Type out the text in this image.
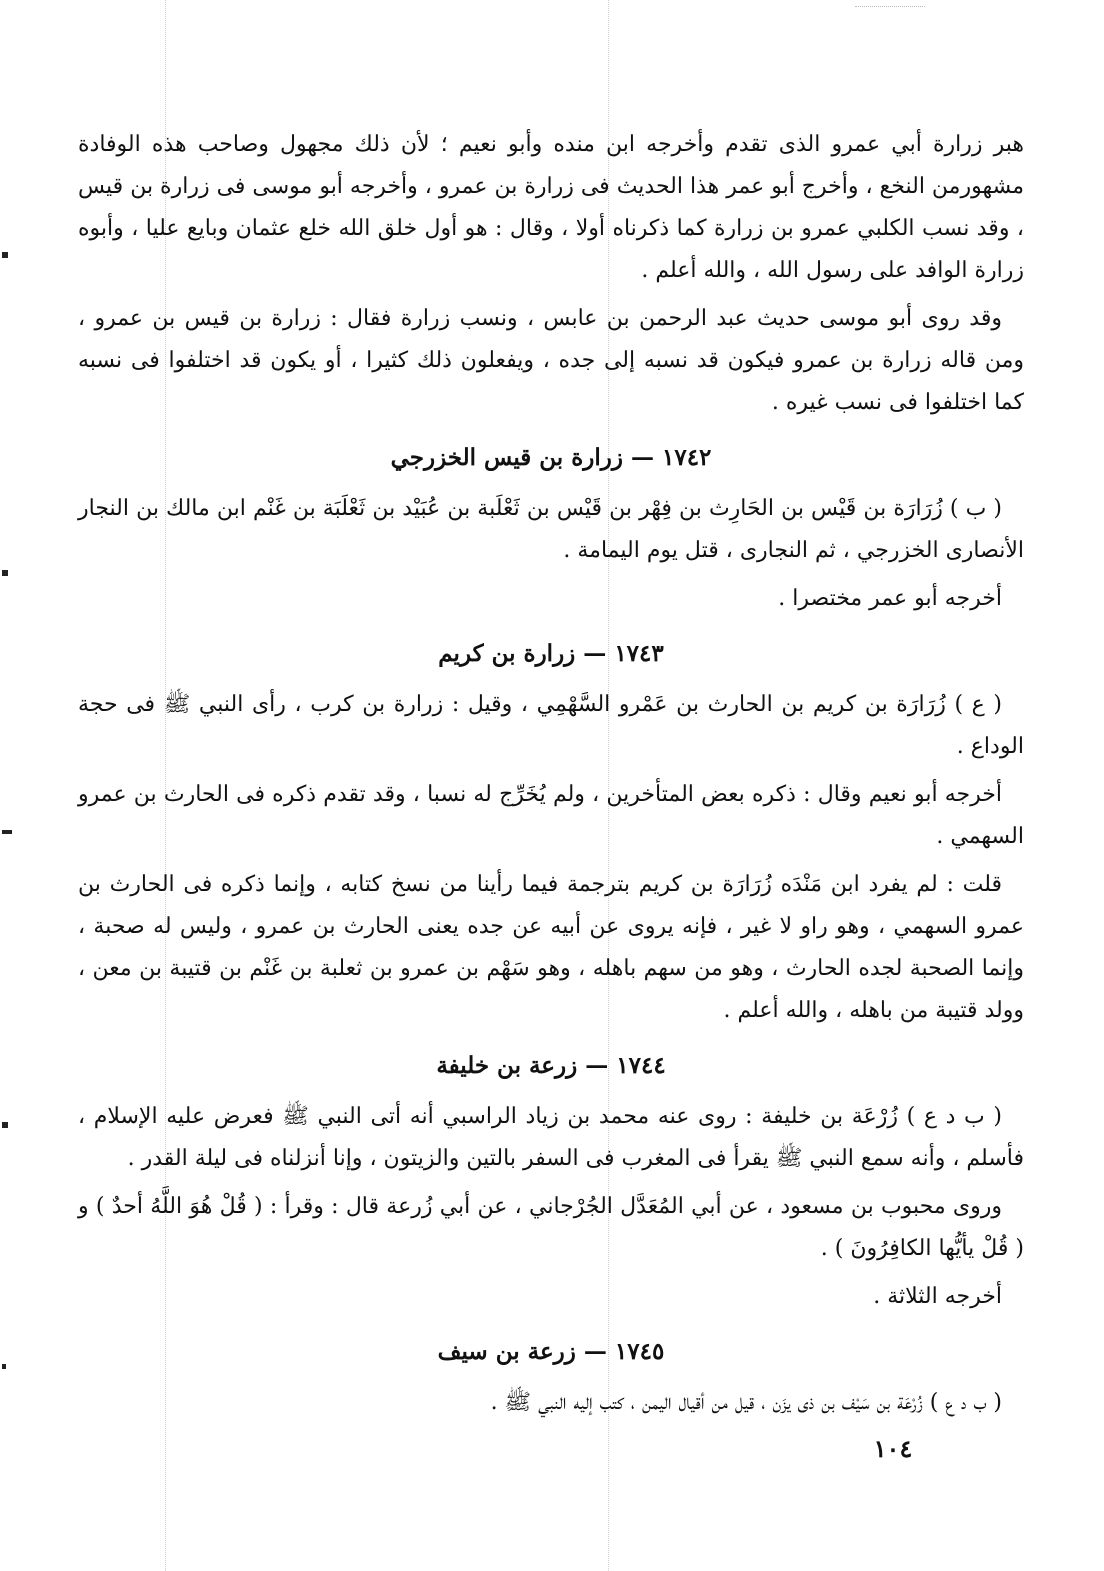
هبر زرارة أبي عمرو الذى تقدم وأخرجه ابن منده وأبو نعيم ؛ لأن ذلك مجهول وصاحب هذه الوفادة مشهورمن النخع ، وأخرج أبو عمر هذا الحديث فى زرارة بن عمرو ، وأخرجه أبو موسى فى زرارة بن قيس ، وقد نسب الكلبي عمرو بن زرارة كما ذكرناه أولا ، وقال : هو أول خلق الله خلع عثمان وبايع عليا ، وأبوه زرارة الوافد على رسول الله ، والله أعلم .

وقد روى أبو موسى حديث عبد الرحمن بن عابس ، ونسب زرارة فقال : زرارة بن قيس بن عمرو ، ومن قاله زرارة بن عمرو فيكون قد نسبه إلى جده ، ويفعلون ذلك كثيرا ، أو يكون قد اختلفوا فى نسبه كما اختلفوا فى نسب غيره .

١٧٤٢ — زرارة بن قيس الخزرجي

( ب ) زُرَارَة بن قَيْس بن الحَارِث بن فِهْر بن قَيْس بن ثَعْلَبة بن عُبَيْد بن ثَعْلَبَة بن غَنْم ابن مالك بن النجار الأنصارى الخزرجي ، ثم النجارى ، قتل يوم اليمامة .

أخرجه أبو عمر مختصرا .

١٧٤٣ — زرارة بن كريم

( ع ) زُرَارَة بن كريم بن الحارث بن عَمْرو السَّهْمِي ، وقيل : زرارة بن كرب ، رأى النبي ﷺ فى حجة الوداع .

أخرجه أبو نعيم وقال : ذكره بعض المتأخرين ، ولم يُخَرِّج له نسبا ، وقد تقدم ذكره فى الحارث بن عمرو السهمي .

قلت : لم يفرد ابن مَنْدَه زُرَارَة بن كريم بترجمة فيما رأينا من نسخ كتابه ، وإنما ذكره فى الحارث بن عمرو السهمي ، وهو راو لا غير ، فإنه يروى عن أبيه عن جده يعنى الحارث بن عمرو ، وليس له صحبة ، وإنما الصحبة لجده الحارث ، وهو من سهم باهله ، وهو سَهْم بن عمرو بن ثعلبة بن غَنْم بن قتيبة بن معن ، وولد قتيبة من باهله ، والله أعلم .

١٧٤٤ — زرعة بن خليفة

( ب د ع ) زُرْعَة بن خليفة : روى عنه محمد بن زياد الراسبي أنه أتى النبي ﷺ فعرض عليه الإسلام ، فأسلم ، وأنه سمع النبي ﷺ يقرأ فى المغرب فى السفر بالتين والزيتون ، وإنا أنزلناه فى ليلة القدر .

وروى محبوب بن مسعود ، عن أبي المُعَدَّل الجُرْجاني ، عن أبي زُرعة قال : وقرأ : ( قُلْ هُوَ اللَّهُ أحدٌ ) و ( قُلْ يأيُّها الكافِرُونَ ) .

أخرجه الثلاثة .

١٧٤٥ — زرعة بن سيف

( ب د ع ) زُرْعَة بن سَيْف بن ذى يزَن ، قيل من أقيال اليمن ، كتب إليه النبي ﷺ .

١٠٤
